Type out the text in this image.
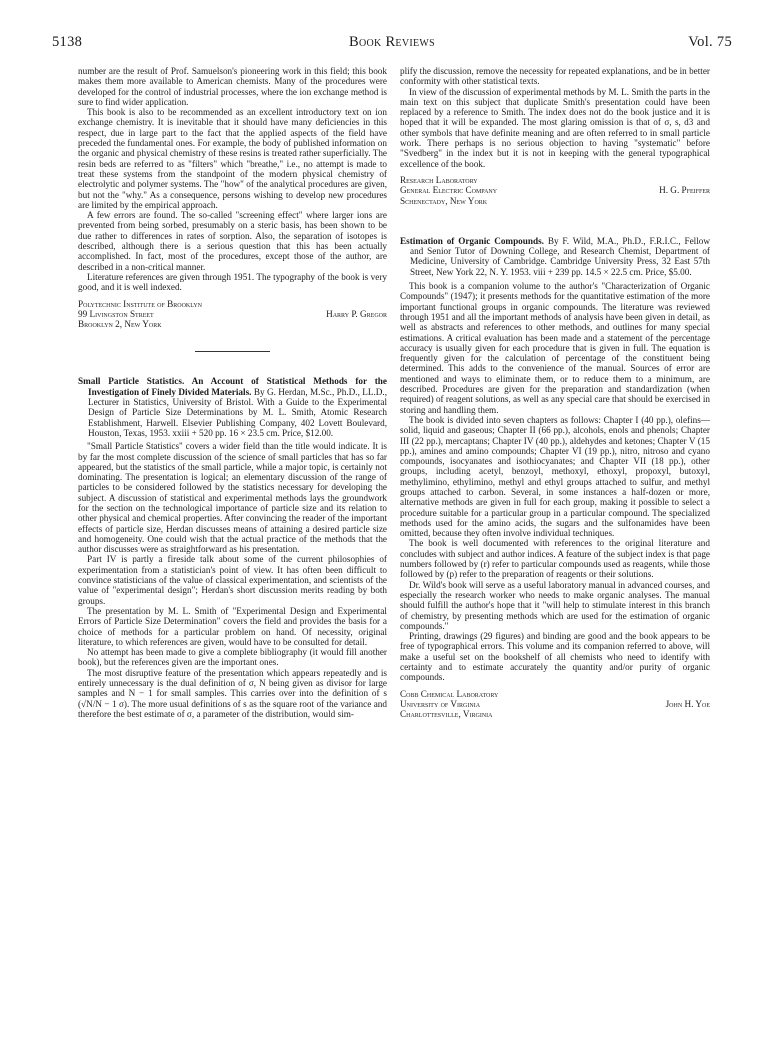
5138	Book Reviews	Vol. 75

number are the result of Prof. Samuelson's pioneering work in this field; this book makes them more available to American chemists. Many of the procedures were developed for the control of industrial processes, where the ion exchange method is sure to find wider application.

This book is also to be recommended as an excellent introductory text on ion exchange chemistry. It is inevitable that it should have many deficiencies in this respect, due in large part to the fact that the applied aspects of the field have preceded the fundamental ones. For example, the body of published information on the organic and physical chemistry of these resins is treated rather superficially. The resin beds are referred to as "filters" which "breathe," i.e., no attempt is made to treat these systems from the standpoint of the modern physical chemistry of electrolytic and polymer systems. The "how" of the analytical procedures are given, but not the "why." As a consequence, persons wishing to develop new procedures are limited by the empirical approach.

A few errors are found. The so-called "screening effect" where larger ions are prevented from being sorbed, presumably on a steric basis, has been shown to be due rather to differences in rates of sorption. Also, the separation of isotopes is described, although there is a serious question that this has been actually accomplished. In fact, most of the procedures, except those of the author, are described in a non-critical manner.

Literature references are given through 1951. The typography of the book is very good, and it is well indexed.

Polytechnic Institute of Brooklyn
99 Livingston Street	Harry P. Gregor
Brooklyn 2, New York

Small Particle Statistics. An Account of Statistical Methods for the Investigation of Finely Divided Materials. By G. Herdan, M.Sc., Ph.D., LL.D., Lecturer in Statistics, University of Bristol. With a Guide to the Experimental Design of Particle Size Determinations by M. L. Smith, Atomic Research Establishment, Harwell. Elsevier Publishing Company, 402 Lovett Boulevard, Houston, Texas, 1953. xxiii + 520 pp. 16 × 23.5 cm. Price, $12.00.

"Small Particle Statistics" covers a wider field than the title would indicate. It is by far the most complete discussion of the science of small particles that has so far appeared, but the statistics of the small particle, while a major topic, is certainly not dominating. The presentation is logical; an elementary discussion of the range of particles to be considered followed by the statistics necessary for developing the subject. A discussion of statistical and experimental methods lays the groundwork for the section on the technological importance of particle size and its relation to other physical and chemical properties. After convincing the reader of the important effects of particle size, Herdan discusses means of attaining a desired particle size and homogeneity. One could wish that the actual practice of the methods that the author discusses were as straightforward as his presentation.

Part IV is partly a fireside talk about some of the current philosophies of experimentation from a statistician's point of view. It has often been difficult to convince statisticians of the value of classical experimentation, and scientists of the value of "experimental design"; Herdan's short discussion merits reading by both groups.

The presentation by M. L. Smith of "Experimental Design and Experimental Errors of Particle Size Determination" covers the field and provides the basis for a choice of methods for a particular problem on hand. Of necessity, original literature, to which references are given, would have to be consulted for detail.

No attempt has been made to give a complete bibliography (it would fill another book), but the references given are the important ones.

The most disruptive feature of the presentation which appears repeatedly and is entirely unnecessary is the dual definition of σ, N being given as divisor for large samples and N − 1 for small samples. This carries over into the definition of s (√N/N − 1 σ). The more usual definitions of s as the square root of the variance and therefore the best estimate of σ, a parameter of the distribution, would sim-

plify the discussion, remove the necessity for repeated explanations, and be in better conformity with other statistical texts.

In view of the discussion of experimental methods by M. L. Smith the parts in the main text on this subject that duplicate Smith's presentation could have been replaced by a reference to Smith. The index does not do the book justice and it is hoped that it will be expanded. The most glaring omission is that of σ, s, d3 and other symbols that have definite meaning and are often referred to in small particle work. There perhaps is no serious objection to having "systematic" before "Svedberg" in the index but it is not in keeping with the general typographical excellence of the book.

Research Laboratory
General Electric Company	H. G. Pfeiffer
Schenectady, New York

Estimation of Organic Compounds. By F. Wild, M.A., Ph.D., F.R.I.C., Fellow and Senior Tutor of Downing College, and Research Chemist, Department of Medicine, University of Cambridge. Cambridge University Press, 32 East 57th Street, New York 22, N. Y. 1953. viii + 239 pp. 14.5 × 22.5 cm. Price, $5.00.

This book is a companion volume to the author's "Characterization of Organic Compounds" (1947); it presents methods for the quantitative estimation of the more important functional groups in organic compounds. The literature was reviewed through 1951 and all the important methods of analysis have been given in detail, as well as abstracts and references to other methods, and outlines for many special estimations. A critical evaluation has been made and a statement of the percentage accuracy is usually given for each procedure that is given in full. The equation is frequently given for the calculation of percentage of the constituent being determined. This adds to the convenience of the manual. Sources of error are mentioned and ways to eliminate them, or to reduce them to a minimum, are described. Procedures are given for the preparation and standardization (when required) of reagent solutions, as well as any special care that should be exercised in storing and handling them.

The book is divided into seven chapters as follows: Chapter I (40 pp.), olefins—solid, liquid and gaseous; Chapter II (66 pp.), alcohols, enols and phenols; Chapter III (22 pp.), mercaptans; Chapter IV (40 pp.), aldehydes and ketones; Chapter V (15 pp.), amines and amino compounds; Chapter VI (19 pp.), nitro, nitroso and cyano compounds, isocyanates and isothiocyanates; and Chapter VII (18 pp.), other groups, including acetyl, benzoyl, methoxyl, ethoxyl, propoxyl, butoxyl, methylimino, ethylimino, methyl and ethyl groups attached to sulfur, and methyl groups attached to carbon. Several, in some instances a half-dozen or more, alternative methods are given in full for each group, making it possible to select a procedure suitable for a particular group in a particular compound. The specialized methods used for the amino acids, the sugars and the sulfonamides have been omitted, because they often involve individual techniques.

The book is well documented with references to the original literature and concludes with subject and author indices. A feature of the subject index is that page numbers followed by (r) refer to particular compounds used as reagents, while those followed by (p) refer to the preparation of reagents or their solutions.

Dr. Wild's book will serve as a useful laboratory manual in advanced courses, and especially the research worker who needs to make organic analyses. The manual should fulfill the author's hope that it "will help to stimulate interest in this branch of chemistry, by presenting methods which are used for the estimation of organic compounds."

Printing, drawings (29 figures) and binding are good and the book appears to be free of typographical errors. This volume and its companion referred to above, will make a useful set on the bookshelf of all chemists who need to identify with certainty and to estimate accurately the quantity and/or purity of organic compounds.

Cobb Chemical Laboratory
University of Virginia	John H. Yoe
Charlottesville, Virginia
